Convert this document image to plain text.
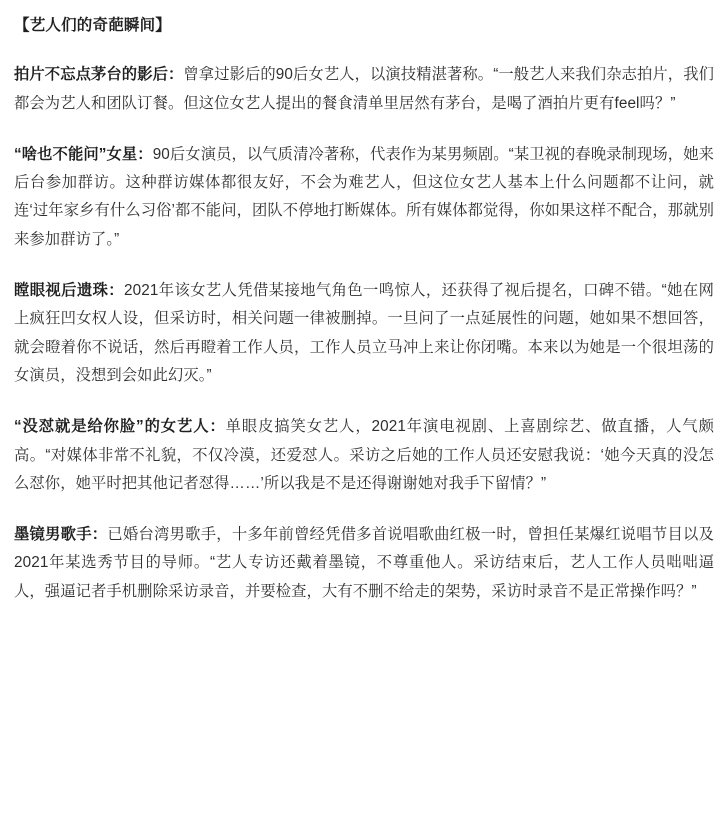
【艺人们的奇葩瞬间】

拍片不忘点茅台的影后：曾拿过影后的90后女艺人，以演技精湛著称。“一般艺人来我们杂志拍片，我们都会为艺人和团队订餐。但这位女艺人提出的餐食清单里居然有茅台，是喝了酒拍片更有feel吗？”

“啥也不能问”女星：90后女演员，以气质清冷著称，代表作为某男频剧。“某卫视的春晚录制现场，她来后台参加群访。这种群访媒体都很友好，不会为难艺人，但这位女艺人基本上什么问题都不让问，就连‘过年家乡有什么习俗’都不能问，团队不停地打断媒体。所有媒体都觉得，你如果这样不配合，那就别来参加群访了。”

瞠眼视后遗珠：2021年该女艺人凭借某接地气角色一鸣惊人，还获得了视后提名，口碑不错。“她在网上疯狂凹女权人设，但采访时，相关问题一律被删掉。一旦问了一点延展性的问题，她如果不想回答，就会瞪着你不说话，然后再瞪着工作人员，工作人员立马冲上来让你闭嘴。本来以为她是一个很坦荡的女演员，没想到会如此幻灭。”

“没怼就是给你脸”的女艺人：单眼皮搞笑女艺人，2021年演电视剧、上喜剧综艺、做直播，人气颇高。“对媒体非常不礼貌，不仅冷漠，还爱怼人。采访之后她的工作人员还安慰我说：‘她今天真的没怎么怼你，她平时把其他记者怼得……’所以我是不是还得谢谢她对我手下留情？”

墨镜男歌手：已婚台湾男歌手，十多年前曾经凭借多首说唱歌曲红极一时，曾担任某爆红说唱节目以及2021年某选秀节目的导师。“艺人专访还戴着墨镜，不尊重他人。采访结束后，艺人工作人员咄咄逼人，强逼记者手机删除采访录音，并要检查，大有不删不给走的架势，采访时录音不是正常操作吗？”
